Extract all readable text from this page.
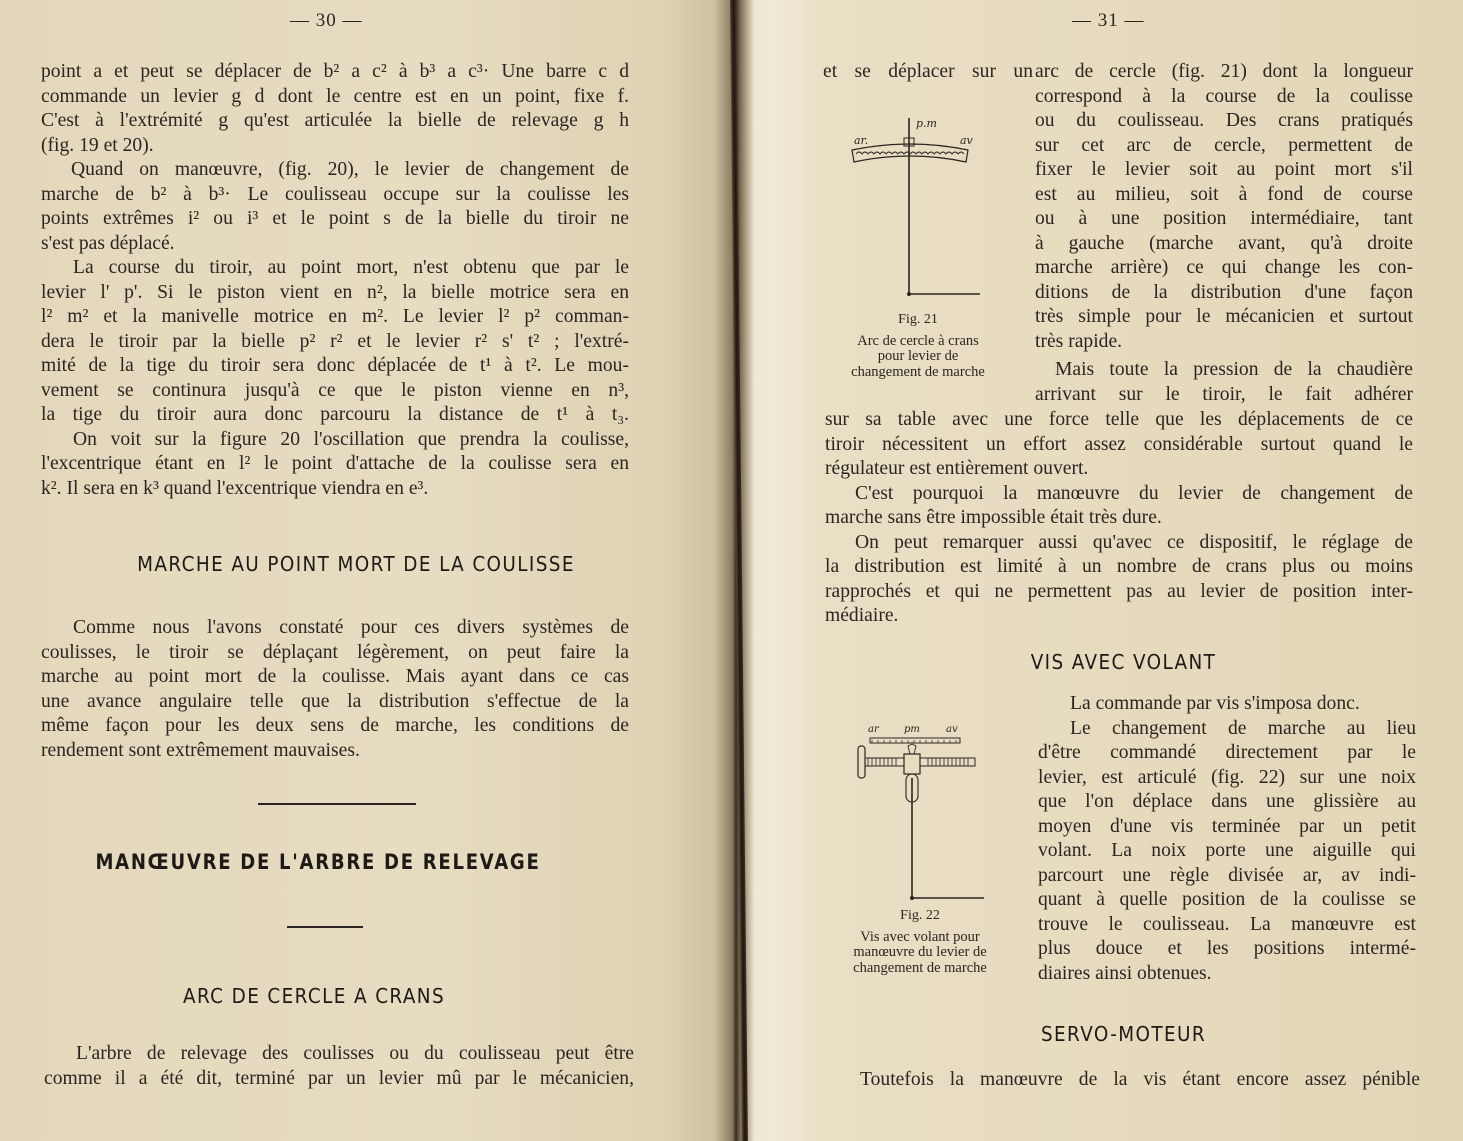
— 30 —

point a et peut se déplacer de b² a c² à b³ a c³· Une barre c d
commande un levier g d dont le centre est en un point, fixe f.
C'est à l'extrémité g qu'est articulée la bielle de relevage g h
(fig. 19 et 20).

Quand on manœuvre, (fig. 20), le levier de changement de
marche de b² à b³· Le coulisseau occupe sur la coulisse les
points extrêmes i² ou i³ et le point s de la bielle du tiroir ne
s'est pas déplacé.

La course du tiroir, au point mort, n'est obtenu que par le
levier l' p'. Si le piston vient en n², la bielle motrice sera en
l² m² et la manivelle motrice en m². Le levier l² p² comman-
dera le tiroir par la bielle p² r² et le levier r² s' t² ; l'extré-
mité de la tige du tiroir sera donc déplacée de t¹ à t². Le mou-
vement se continura jusqu'à ce que le piston vienne en n³,
la tige du tiroir aura donc parcouru la distance de t¹ à t₃.

On voit sur la figure 20 l'oscillation que prendra la coulisse,
l'excentrique étant en l² le point d'attache de la coulisse sera en
k². Il sera en k³ quand l'excentrique viendra en e³.

MARCHE AU POINT MORT DE LA COULISSE

Comme nous l'avons constaté pour ces divers systèmes de
coulisses, le tiroir se déplaçant légèrement, on peut faire la
marche au point mort de la coulisse. Mais ayant dans ce cas
une avance angulaire telle que la distribution s'effectue de la
même façon pour les deux sens de marche, les conditions de
rendement sont extrêmement mauvaises.

MANŒUVRE DE L'ARBRE DE RELEVAGE
ARC DE CERCLE A CRANS

L'arbre de relevage des coulisses ou du coulisseau peut être
comme il a été dit, terminé par un levier mû par le mécanicien,

— 31 —
et se déplacer sur un arc de cercle (fig. 21) dont la longueur
correspond à la course de la coulisse
ou du coulisseau. Des crans pratiqués
sur cet arc de cercle, permettent de
fixer le levier soit au point mort s'il
est au milieu, soit à fond de course
ou à une position intermédiaire, tant
à gauche (marche avant, qu'à droite
marche arrière) ce qui change les con-
ditions de la distribution d'une façon
très simple pour le mécanicien et surtout
très rapide.

Mais toute la pression de la chaudière
arrivant sur le tiroir, le fait adhérer

ar.
p.m
av
Fig. 21
Arc de cercle à crans
pour levier de
changement de marche

sur sa table avec une force telle que les déplacements de ce
tiroir nécessitent un effort assez considérable surtout quand le
régulateur est entièrement ouvert.

C'est pourquoi la manœuvre du levier de changement de
marche sans être impossible était très dure.

On peut remarquer aussi qu'avec ce dispositif, le réglage de
la distribution est limité à un nombre de crans plus ou moins
rapprochés et qui ne permettent pas au levier de position inter-
médiaire.

VIS AVEC VOLANT

La commande par vis s'imposa donc.
Le changement de marche au lieu
d'être commandé directement par le
levier, est articulé (fig. 22) sur une noix
que l'on déplace dans une glissière au
moyen d'une vis terminée par un petit
volant. La noix porte une aiguille qui
parcourt une règle divisée ar, av indi-
quant à quelle position de la coulisse se
trouve le coulisseau. La manœuvre est
plus douce et les positions intermé-
diaires ainsi obtenues.

ar	pm	av
Fig. 22
Vis avec volant pour
manœuvre du levier de
changement de marche
SERVO-MOTEUR

Toutefois la manœuvre de la vis étant encore assez pénible
